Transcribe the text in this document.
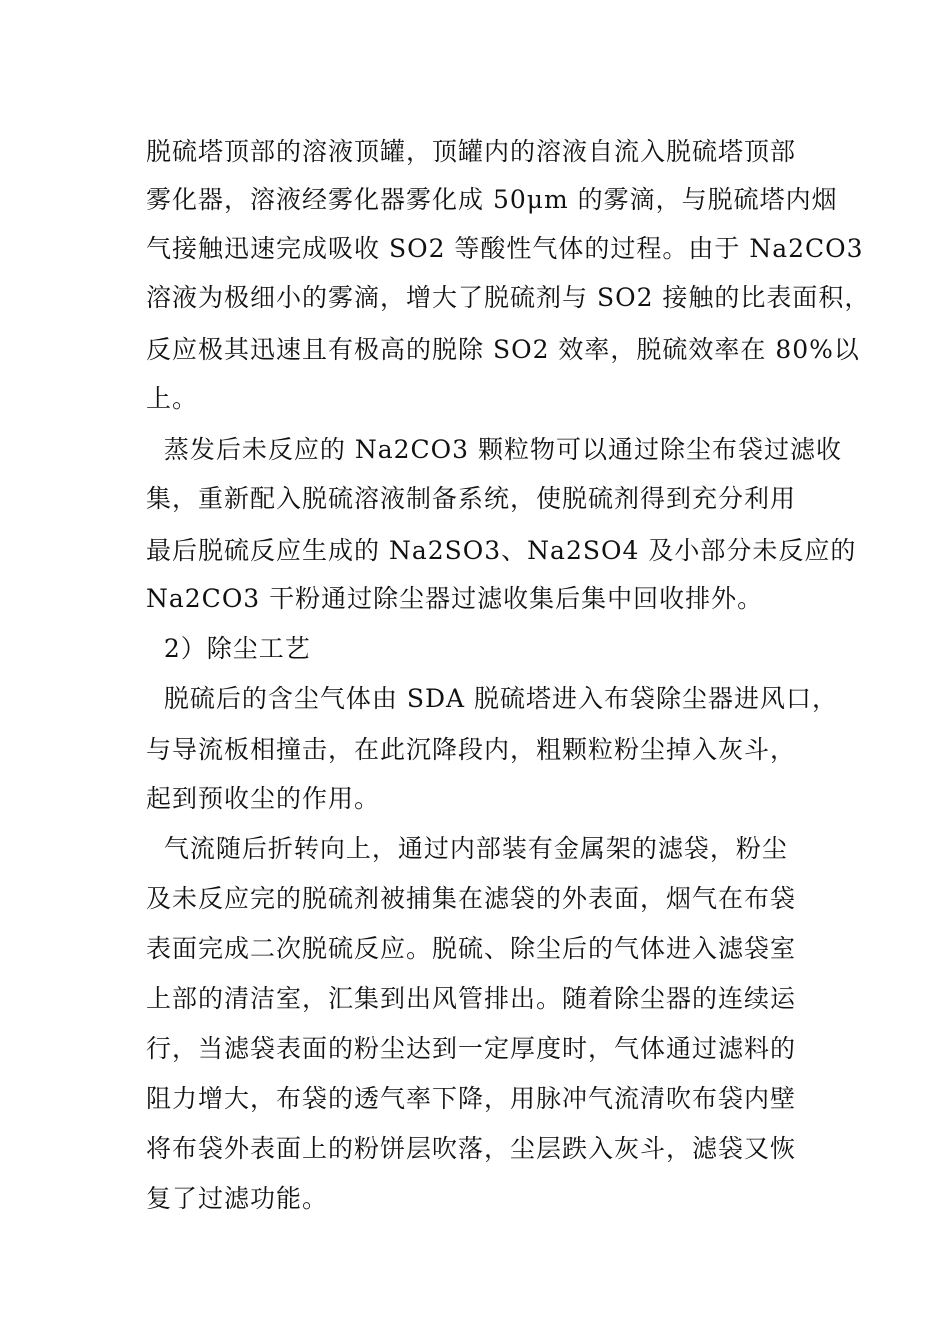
脱硫塔顶部的溶液顶罐，顶罐内的溶液自流入脱硫塔顶部
雾化器，溶液经雾化器雾化成 50μm 的雾滴，与脱硫塔内烟
气接触迅速完成吸收 SO2 等酸性气体的过程。由于 Na2CO3
溶液为极细小的雾滴，增大了脱硫剂与 SO2 接触的比表面积，
反应极其迅速且有极高的脱除 SO2 效率，脱硫效率在 80%以
上。
蒸发后未反应的 Na2CO3 颗粒物可以通过除尘布袋过滤收
集，重新配入脱硫溶液制备系统，使脱硫剂得到充分利用
最后脱硫反应生成的 Na2SO3、Na2SO4 及小部分未反应的
Na2CO3 干粉通过除尘器过滤收集后集中回收排外。
2）除尘工艺
脱硫后的含尘气体由 SDA 脱硫塔进入布袋除尘器进风口，
与导流板相撞击，在此沉降段内，粗颗粒粉尘掉入灰斗，
起到预收尘的作用。
气流随后折转向上，通过内部装有金属架的滤袋，粉尘
及未反应完的脱硫剂被捕集在滤袋的外表面，烟气在布袋
表面完成二次脱硫反应。脱硫、除尘后的气体进入滤袋室
上部的清洁室，汇集到出风管排出。随着除尘器的连续运
行，当滤袋表面的粉尘达到一定厚度时，气体通过滤料的
阻力增大，布袋的透气率下降，用脉冲气流清吹布袋内壁
将布袋外表面上的粉饼层吹落，尘层跌入灰斗，滤袋又恢
复了过滤功能。
